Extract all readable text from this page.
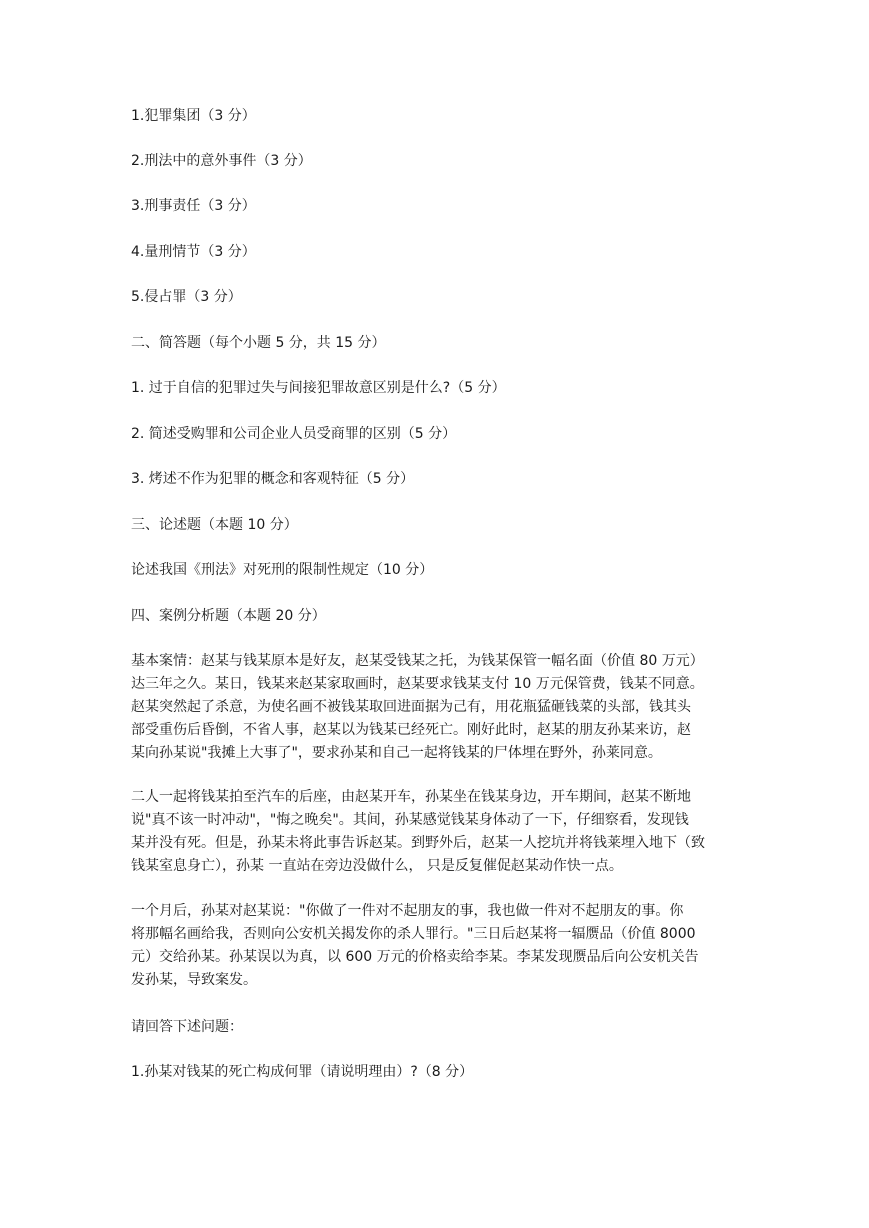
1.犯罪集团（3 分）

2.刑法中的意外事件（3 分）

3.刑事责任（3 分）

4.量刑情节（3 分）

5.侵占罪（3 分）

二、简答题（每个小题 5 分，共 15 分）

1. 过于自信的犯罪过失与间接犯罪故意区别是什么?（5 分）

2. 简述受购罪和公司企业人员受商罪的区别（5 分）

3. 烤述不作为犯罪的概念和客观特征（5 分）

三、论述题（本题 10 分）

论述我国《刑法》对死刑的限制性规定（10 分）

四、案例分析题（本题 20 分）

基本案情：赵某与钱某原本是好友，赵某受钱某之托，为钱某保管一幅名面（价值 80 万元）
达三年之久。某日，钱某来赵某家取画时，赵某要求钱某支付 10 万元保管费，钱某不同意。
赵某突然起了杀意，为使名画不被钱某取回进面据为己有，用花瓶猛砸钱菜的头部，钱其头
部受重伤后昏倒，不省人事，赵某以为钱某已经死亡。刚好此时，赵某的朋友孙某来访，赵
某向孙某说"我摊上大事了"，要求孙某和自己一起将钱某的尸体埋在野外，孙莱同意。
二人一起将钱某拍至汽车的后座，由赵某开车，孙某坐在钱某身边，开车期间，赵某不断地
说"真不该一时冲动"，"悔之晚矣"。其间，孙某感觉钱某身体动了一下，仔细察看，发现钱
某并没有死。但是，孙某未将此事告诉赵某。到野外后，赵某一人挖坑并将钱莱埋入地下（致
钱某室息身亡），孙某 一直站在旁边没做什么， 只是反复催促赵某动作快一点。
一个月后，孙某对赵某说："你做了一件对不起朋友的事，我也做一件对不起朋友的事。你
将那幅名画给我，否则向公安机关揭发你的杀人罪行。"三日后赵某将一辐赝品（价值 8000
元）交给孙某。孙某误以为真，以 600 万元的价格卖给李某。李某发现赝品后向公安机关告
发孙某，导致案发。

请回答下述问题：

1.孙某对钱某的死亡构成何罪（请说明理由）?（8 分）
